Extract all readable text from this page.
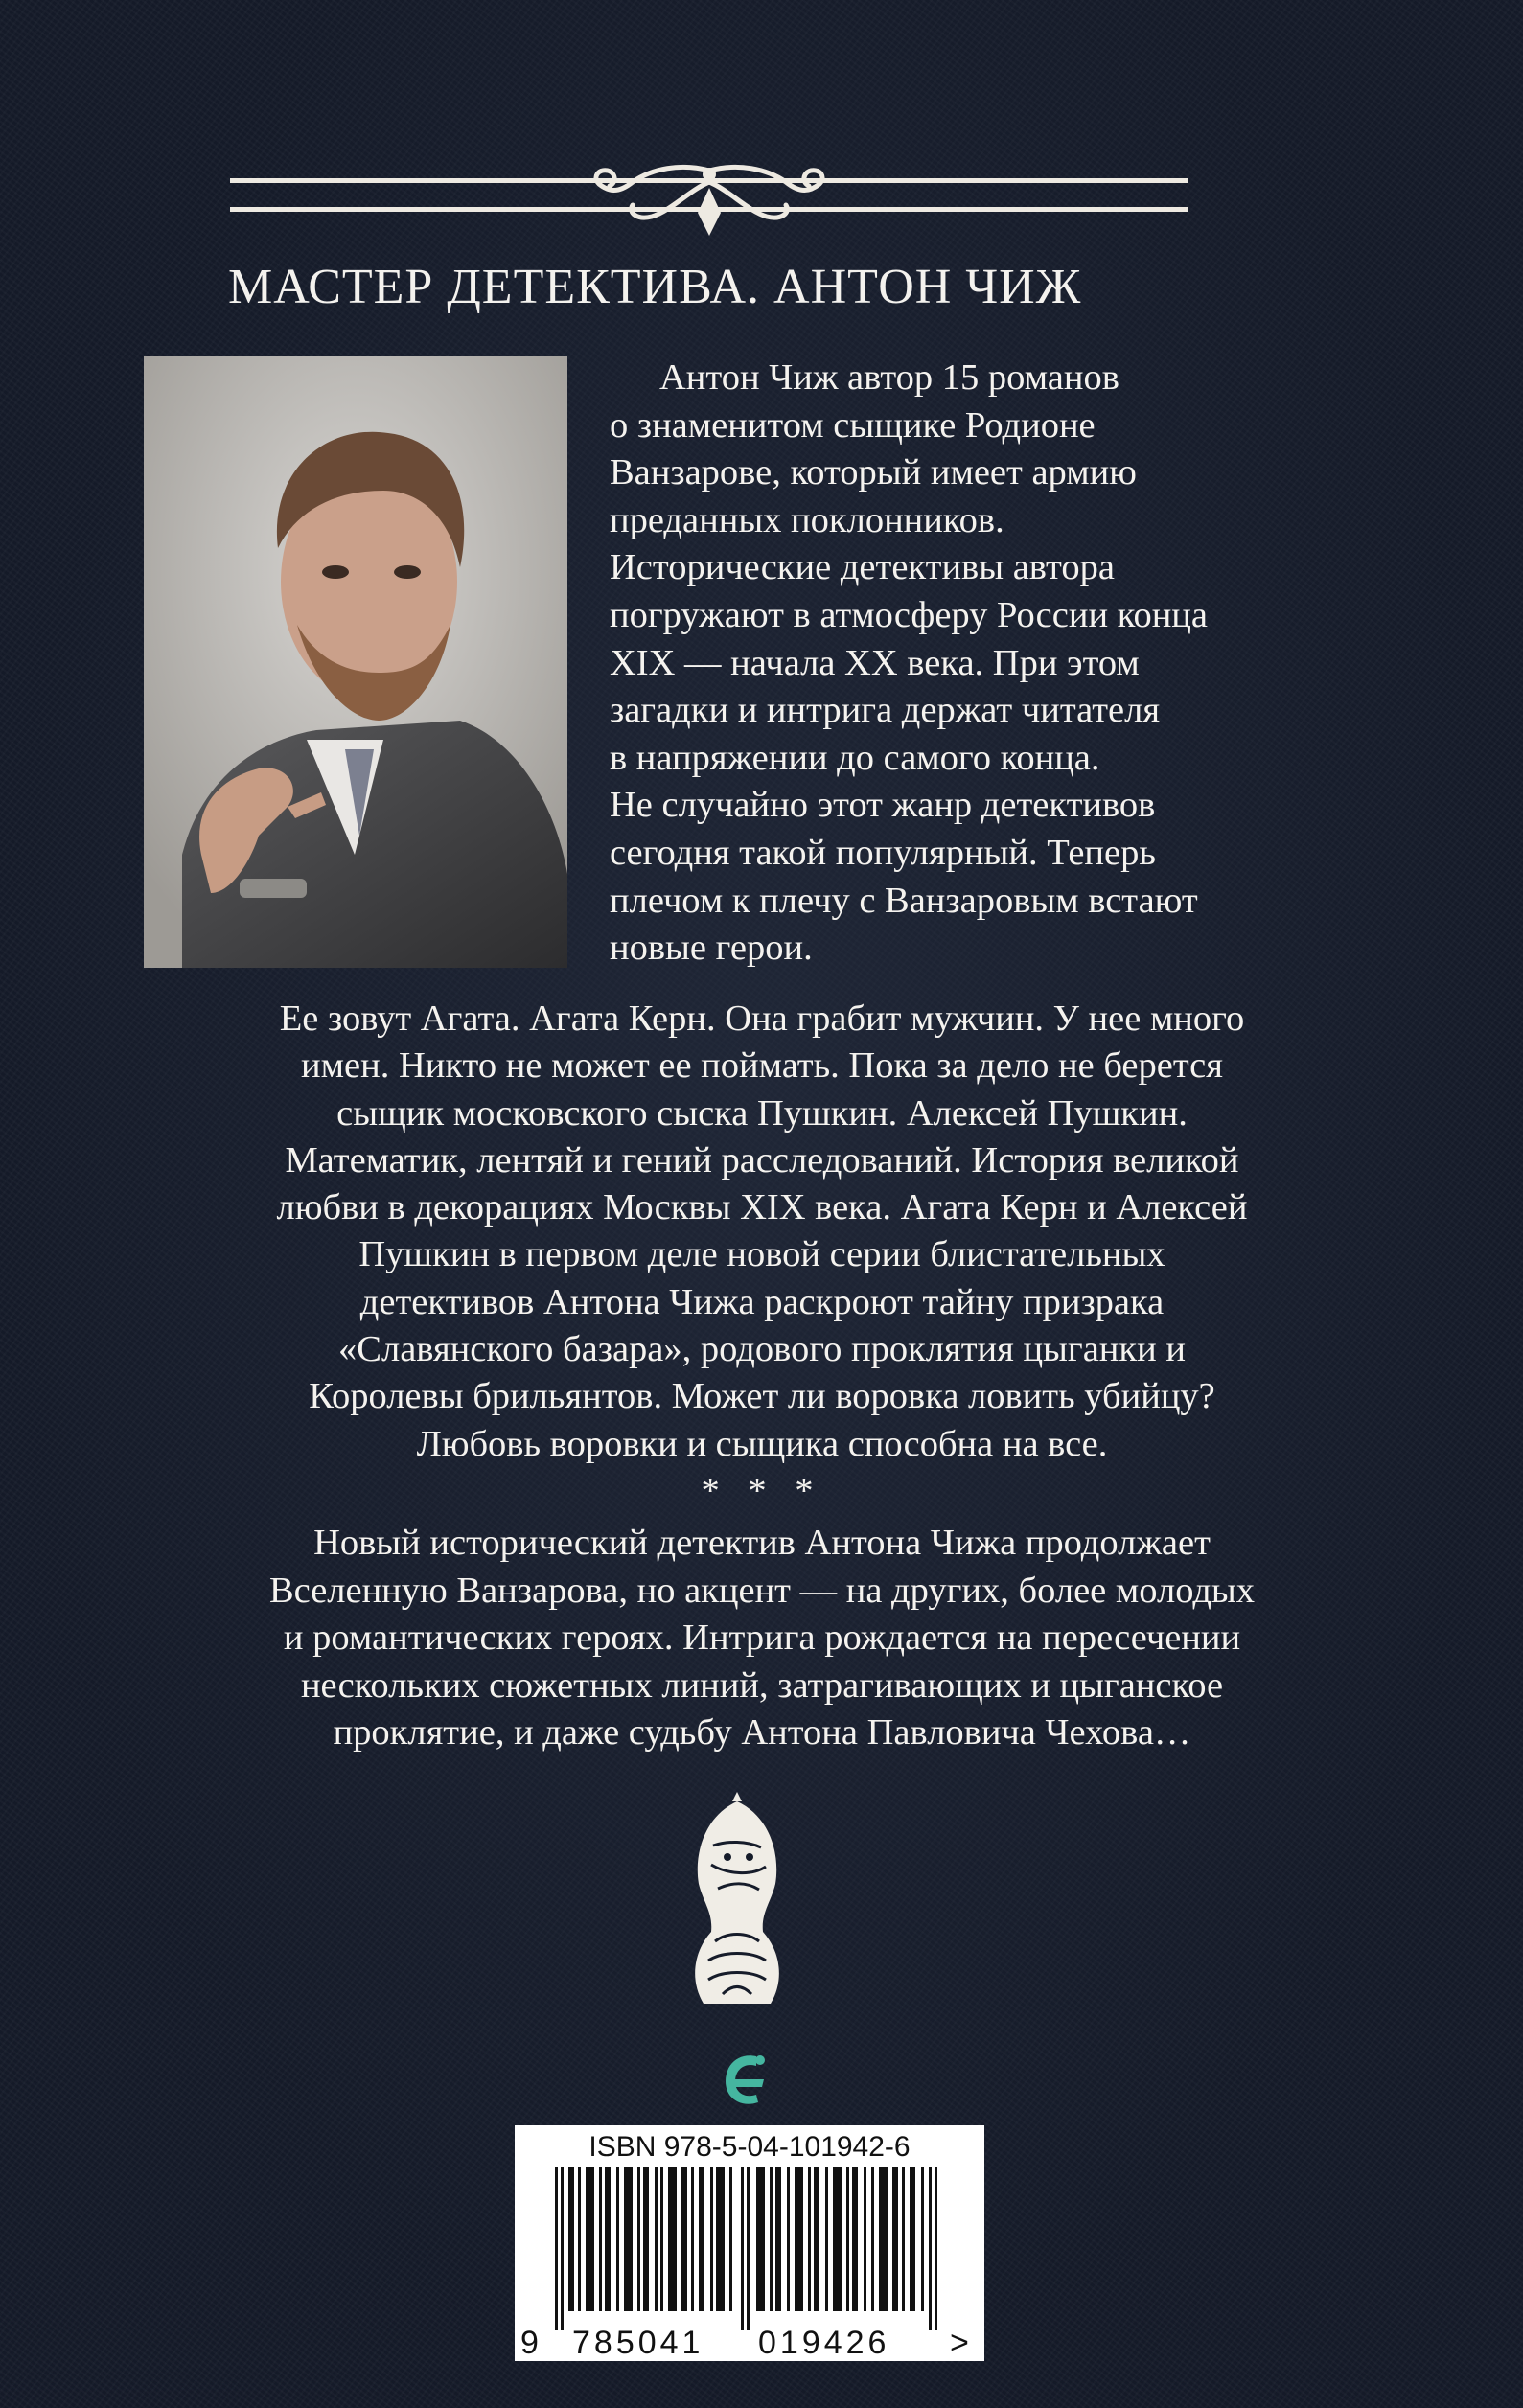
МАСТЕР ДЕТЕКТИВА. АНТОН ЧИЖ
Антон Чиж автор 15 романов
о знаменитом сыщике Родионе
Ванзарове, который имеет армию
преданных поклонников.
Исторические детективы автора
погружают в атмосферу России конца
XIX — начала XX века. При этом
загадки и интрига держат читателя
в напряжении до самого конца.
Не случайно этот жанр детективов
сегодня такой популярный. Теперь
плечом к плечу с Ванзаровым встают
новые герои.
Ее зовут Агата. Агата Керн. Она грабит мужчин. У нее много
имен. Никто не может ее поймать. Пока за дело не берется
сыщик московского сыска Пушкин. Алексей Пушкин.
Математик, лентяй и гений расследований. История великой
любви в декорациях Москвы XIX века. Агата Керн и Алексей
Пушкин в первом деле новой серии блистательных
детективов Антона Чижа раскроют тайну призрака
«Славянского базара», родового проклятия цыганки и
Королевы брильянтов. Может ли воровка ловить убийцу?
Любовь воровки и сыщика способна на все.
* * *
Новый исторический детектив Антона Чижа продолжает
Вселенную Ванзарова, но акцент — на других, более молодых
и романтических героях. Интрига рождается на пересечении
нескольких сюжетных линий, затрагивающих и цыганское
проклятие, и даже судьбу Антона Павловича Чехова…
ISBN 978-5-04-101942-6
9 785041 019426 >
